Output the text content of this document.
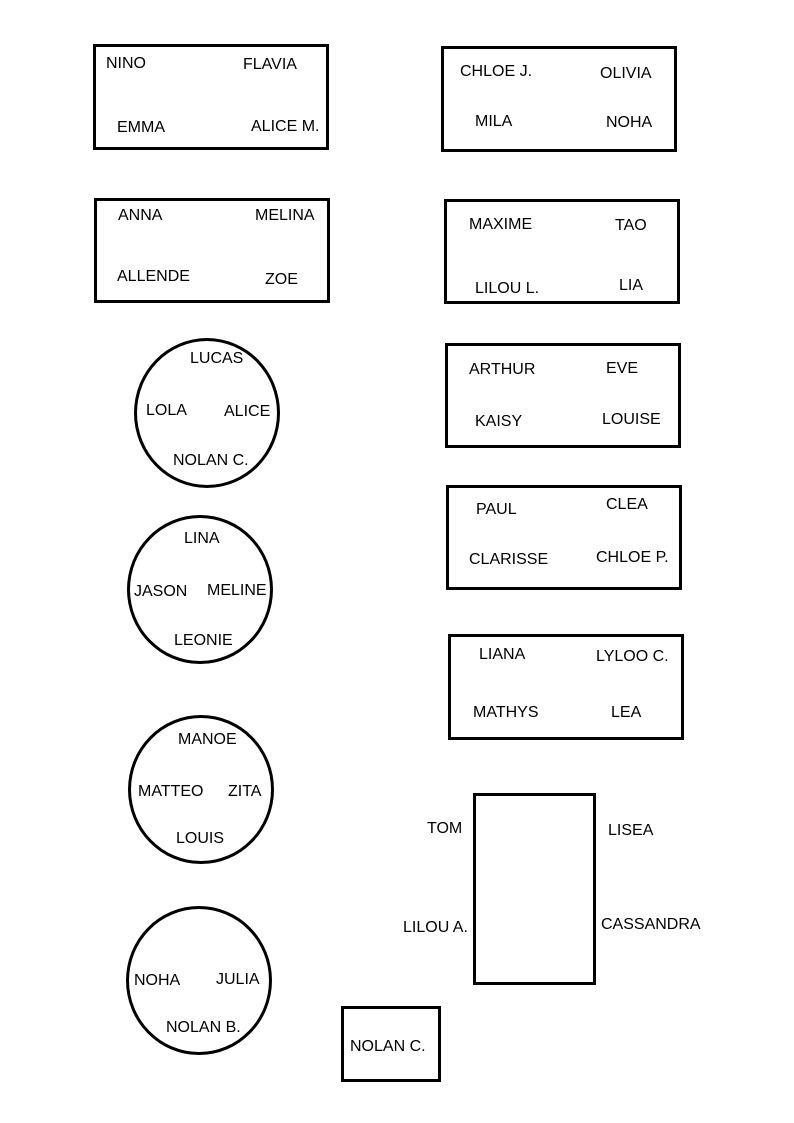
NINO	FLAVIA
EMMA	ALICE M.
ANNA	MELINA
ALLENDE	ZOE
CHLOE J.	OLIVIA
MILA	NOHA
MAXIME	TAO
LILOU L.	LIA
ARTHUR	EVE
KAISY	LOUISE
PAUL	CLEA
CLARISSE	CHLOE P.
LIANA	LYLOO C.
MATHYS	LEA
LUCAS
LOLA ALICE
NOLAN C.
LINA
JASON MELINE
LEONIE
MANOE
MATTEO ZITA
LOUIS
NOHA JULIA
NOLAN B.
TOM	LISEA
LILOU A.	CASSANDRA
NOLAN C.
